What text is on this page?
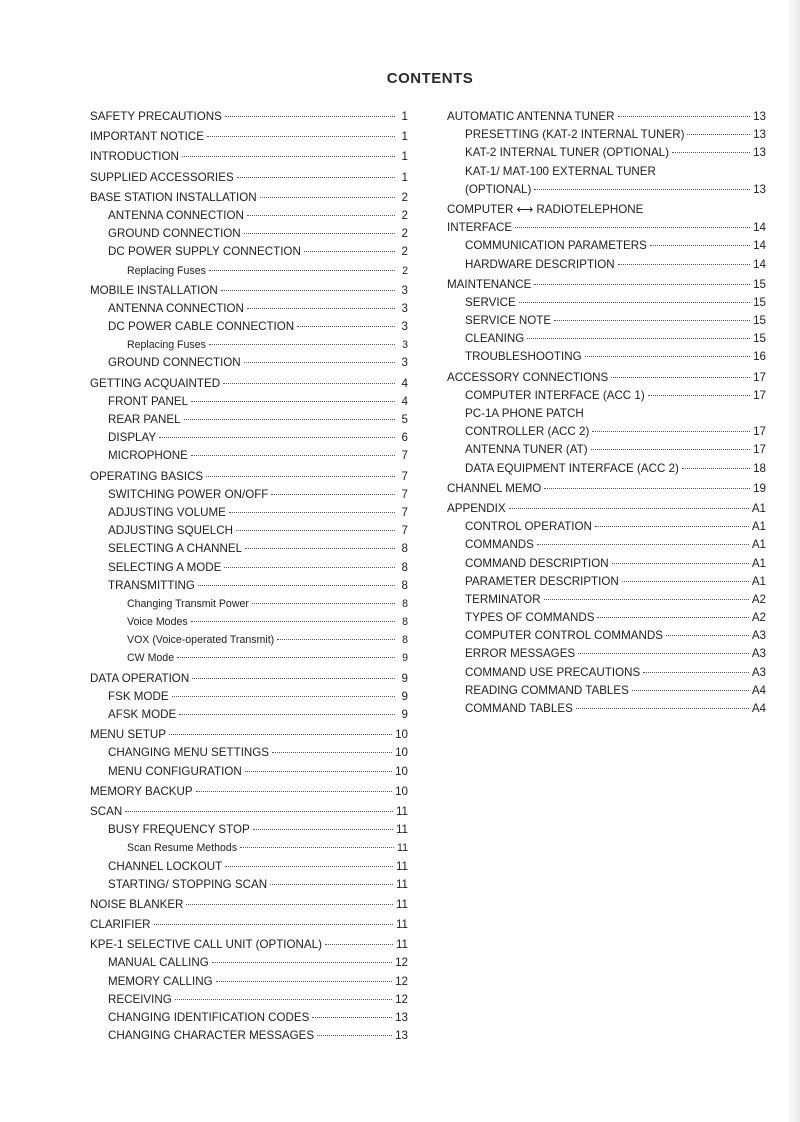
CONTENTS
SAFETY PRECAUTIONS	1
IMPORTANT NOTICE	1
INTRODUCTION	1
SUPPLIED ACCESSORIES	1
BASE STATION INSTALLATION	2
ANTENNA CONNECTION	2
GROUND CONNECTION	2
DC POWER SUPPLY CONNECTION	2
Replacing Fuses	2
MOBILE INSTALLATION	3
ANTENNA CONNECTION	3
DC POWER CABLE CONNECTION	3
Replacing Fuses	3
GROUND CONNECTION	3
GETTING ACQUAINTED	4
FRONT PANEL	4
REAR PANEL	5
DISPLAY	6
MICROPHONE	7
OPERATING BASICS	7
SWITCHING POWER ON/OFF	7
ADJUSTING VOLUME	7
ADJUSTING SQUELCH	7
SELECTING A CHANNEL	8
SELECTING A MODE	8
TRANSMITTING	8
Changing Transmit Power	8
Voice Modes	8
VOX (Voice-operated Transmit)	8
CW Mode	9
DATA OPERATION	9
FSK MODE	9
AFSK MODE	9
MENU SETUP	10
CHANGING MENU SETTINGS	10
MENU CONFIGURATION	10
MEMORY BACKUP	10
SCAN	11
BUSY FREQUENCY STOP	11
Scan Resume Methods	11
CHANNEL LOCKOUT	11
STARTING/ STOPPING SCAN	11
NOISE BLANKER	11
CLARIFIER	11
KPE-1 SELECTIVE CALL UNIT (OPTIONAL)	11
MANUAL CALLING	12
MEMORY CALLING	12
RECEIVING	12
CHANGING IDENTIFICATION CODES	13
CHANGING CHARACTER MESSAGES	13
AUTOMATIC ANTENNA TUNER	13
PRESETTING (KAT-2 INTERNAL TUNER)	13
KAT-2 INTERNAL TUNER (OPTIONAL)	13
KAT-1/ MAT-100 EXTERNAL TUNER
(OPTIONAL)	13
COMPUTER ⟷ RADIOTELEPHONE
INTERFACE	14
COMMUNICATION PARAMETERS	14
HARDWARE DESCRIPTION	14
MAINTENANCE	15
SERVICE	15
SERVICE NOTE	15
CLEANING	15
TROUBLESHOOTING	16
ACCESSORY CONNECTIONS	17
COMPUTER INTERFACE (ACC 1)	17
PC-1A PHONE PATCH
CONTROLLER (ACC 2)	17
ANTENNA TUNER (AT)	17
DATA EQUIPMENT INTERFACE (ACC 2)	18
CHANNEL MEMO	19
APPENDIX	A1
CONTROL OPERATION	A1
COMMANDS	A1
COMMAND DESCRIPTION	A1
PARAMETER DESCRIPTION	A1
TERMINATOR	A2
TYPES OF COMMANDS	A2
COMPUTER CONTROL COMMANDS	A3
ERROR MESSAGES	A3
COMMAND USE PRECAUTIONS	A3
READING COMMAND TABLES	A4
COMMAND TABLES	A4
